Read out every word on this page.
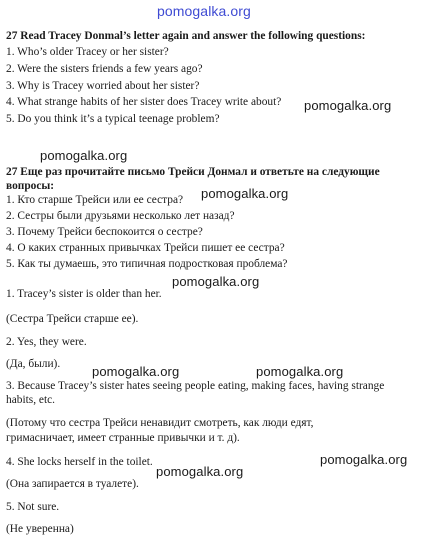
pomogalka.org
27 Read Tracey Donmal’s letter again and answer the following questions:
1. Who’s older Tracey or her sister?
2. Were the sisters friends a few years ago?
3. Why is Tracey worried about her sister?
4. What strange habits of her sister does Tracey write about?
5. Do you think it’s a typical teenage problem?
pomogalka.org
pomogalka.org
27 Еще раз прочитайте письмо Трейси Донмал и ответьте на следующие
вопросы:
1. Кто старше Трейси или ее сестра?
2. Сестры были друзьями несколько лет назад?
3. Почему Трейси беспокоится о сестре?
4. О каких странных привычках Трейси пишет ее сестра?
5. Как ты думаешь, это типичная подростковая проблема?
pomogalka.org
pomogalka.org
1. Tracey’s sister is older than her.
(Сестра Трейси старше ее).
2. Yes, they were.
(Да, были). pomogalka.org	pomogalka.org
3. Because Tracey’s sister hates seeing people eating, making faces, having strange
habits, etc.
(Потому что сестра Трейси ненавидит смотреть, как люди едят,
гримасничает, имеет странные привычки и т. д).
4. She locks herself in the toilet.	pomogalka.org
pomogalka.org
(Она запирается в туалете).
5. Not sure.
(Не уверенна)
